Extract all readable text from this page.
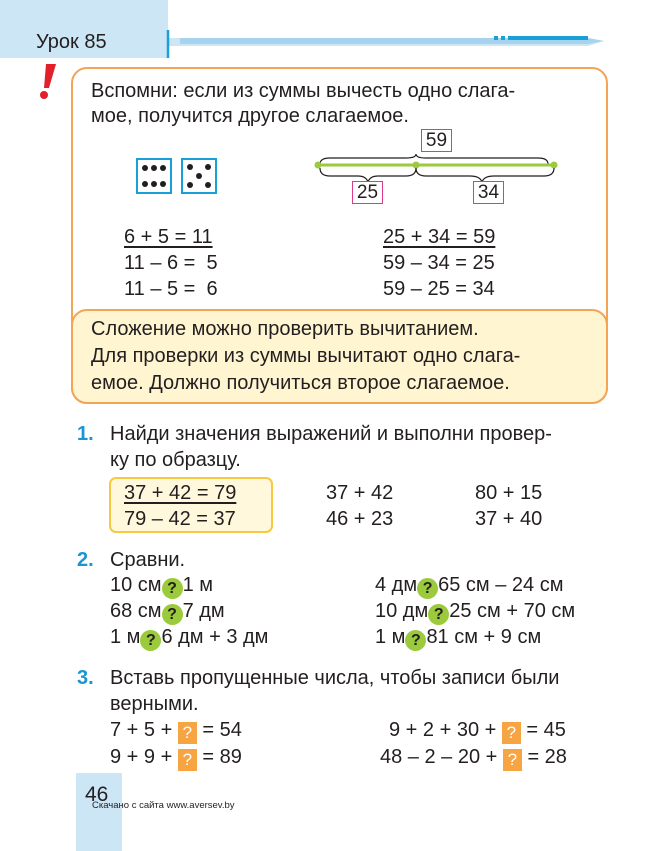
Урок 85
Вспомни: если из суммы вычесть одно слага-
мое, получится другое слагаемое.
59
25	34
6 + 5 = 11
11 – 6 =  5
11 – 5 =  6
25 + 34 = 59
59 – 34 = 25
59 – 25 = 34
Сложение можно проверить вычитанием.
Для проверки из суммы вычитают одно слага-
емое. Должно получиться второе слагаемое.
1. Найди значения выражений и выполни провер-
ку по образцу.
37 + 42 = 79
79 – 42 = 37
37 + 42
46 + 23
80 + 15
37 + 40
2. Сравни.
10 см ? 1 м
68 см ? 7 дм
1 м ? 6 дм + 3 дм
4 дм ? 65 см – 24 см
10 дм ? 25 см + 70 см
1 м ? 81 см + 9 см
3. Вставь пропущенные числа, чтобы записи были
верными.
7 + 5 + ? = 54
9 + 9 + ? = 89
9 + 2 + 30 + ? = 45
48 – 2 – 20 + ? = 28
46
Скачано с сайта www.aversev.by
